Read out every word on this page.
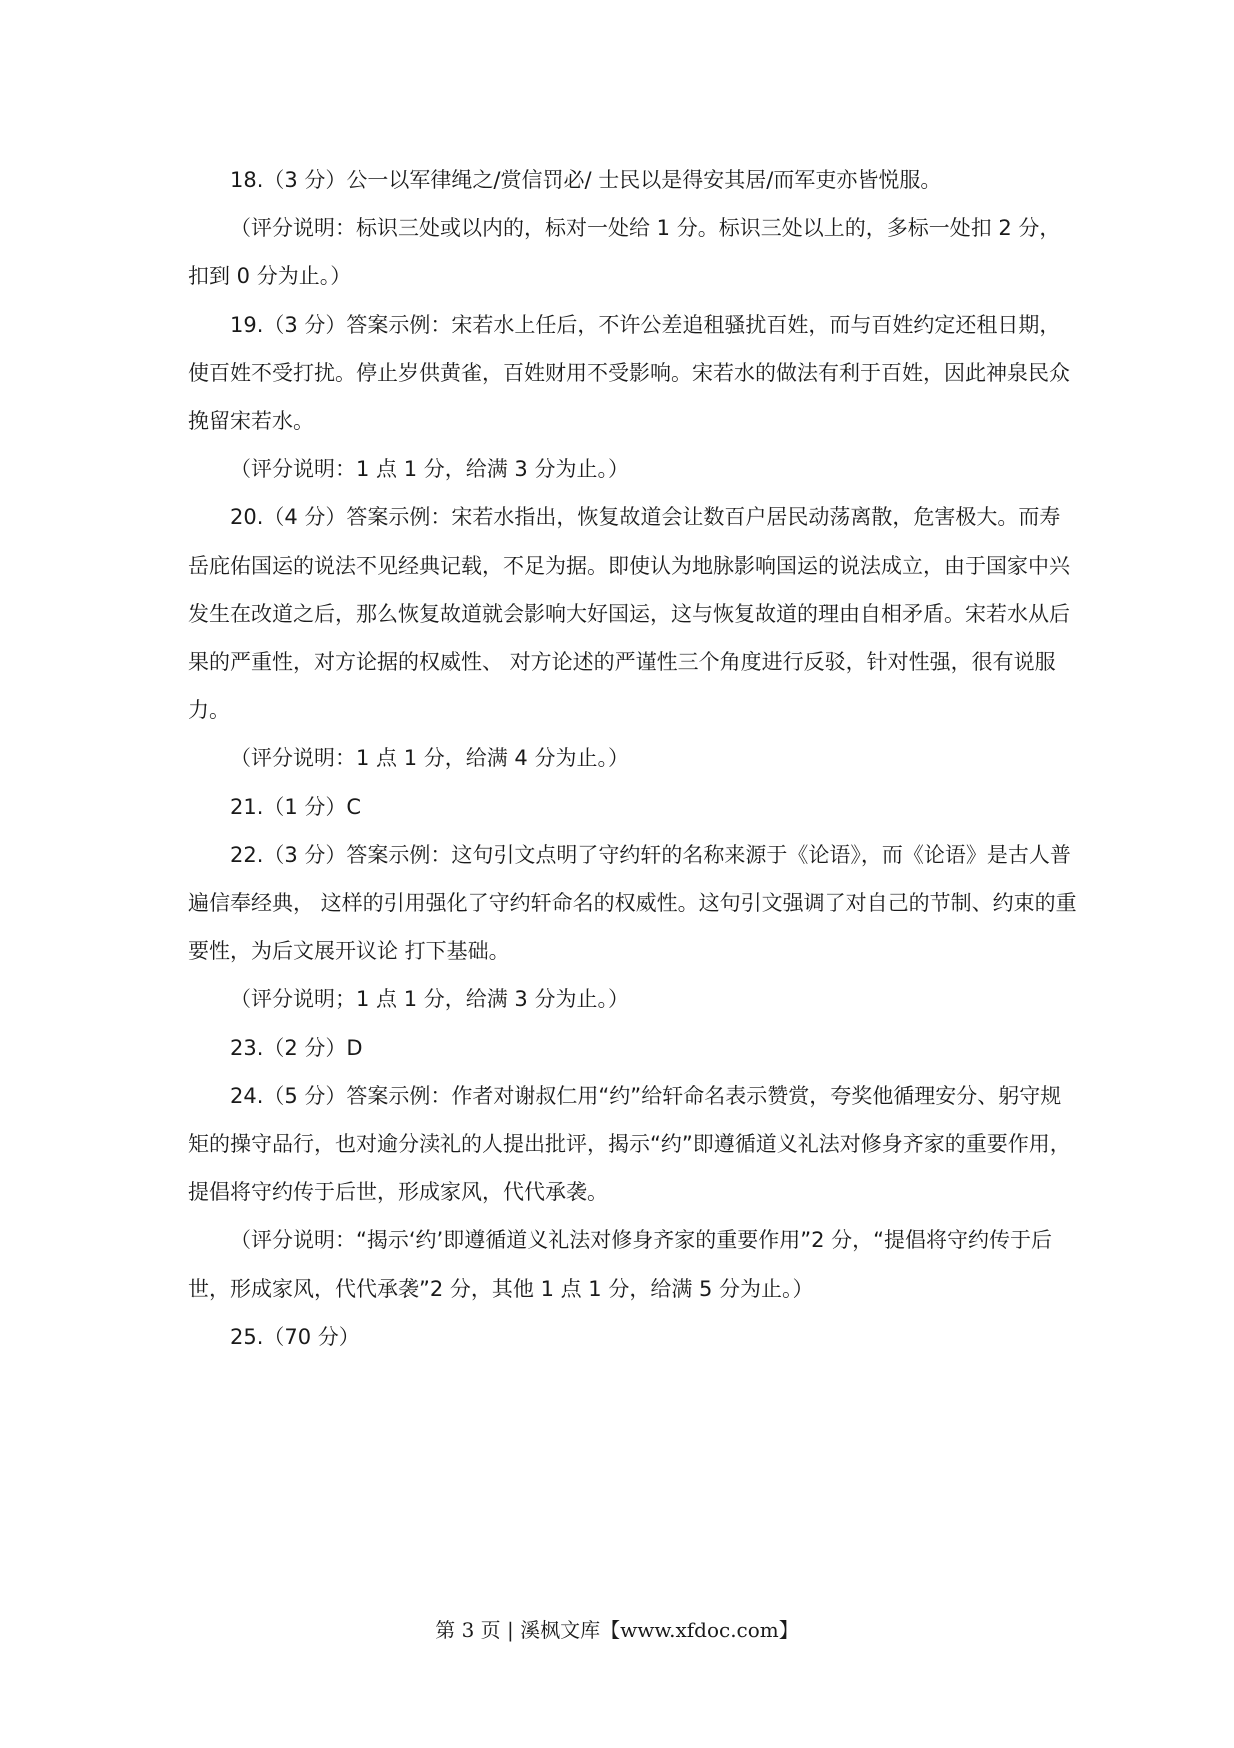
18.（3 分）公一以军律绳之/赏信罚必/ 士民以是得安其居/而军吏亦皆悦服。

（评分说明：标识三处或以内的，标对一处给 1 分。标识三处以上的，多标一处扣 2 分，扣到 0 分为止。）

19.（3 分）答案示例：宋若水上任后，不许公差追租骚扰百姓，而与百姓约定还租日期，使百姓不受打扰。停止岁供黄雀，百姓财用不受影响。宋若水的做法有利于百姓，因此神泉民众挽留宋若水。

（评分说明：1 点 1 分，给满 3 分为止。）

20.（4 分）答案示例：宋若水指出，恢复故道会让数百户居民动荡离散，危害极大。而寿岳庇佑国运的说法不见经典记载，不足为据。即使认为地脉影响国运的说法成立，由于国家中兴发生在改道之后，那么恢复故道就会影响大好国运，这与恢复故道的理由自相矛盾。宋若水从后果的严重性，对方论据的权威性、 对方论述的严谨性三个角度进行反驳，针对性强，很有说服力。

（评分说明：1 点 1 分，给满 4 分为止。）

21.（1 分）C

22.（3 分）答案示例：这句引文点明了守约轩的名称来源于《论语》，而《论语》是古人普遍信奉经典， 这样的引用强化了守约轩命名的权威性。这句引文强调了对自己的节制、约束的重要性，为后文展开议论 打下基础。

（评分说明；1 点 1 分，给满 3 分为止。）

23.（2 分）D

24.（5 分）答案示例：作者对谢叔仁用“约”给轩命名表示赞赏，夸奖他循理安分、躬守规矩的操守品行，也对逾分渎礼的人提出批评，揭示“约”即遵循道义礼法对修身齐家的重要作用，提倡将守约传于后世，形成家风，代代承袭。

（评分说明：“揭示‘约’即遵循道义礼法对修身齐家的重要作用”2 分，“提倡将守约传于后世，形成家风，代代承袭”2 分，其他 1 点 1 分，给满 5 分为止。）

25.（70 分）

第 3 页 | 溪枫文库【www.xfdoc.com】
